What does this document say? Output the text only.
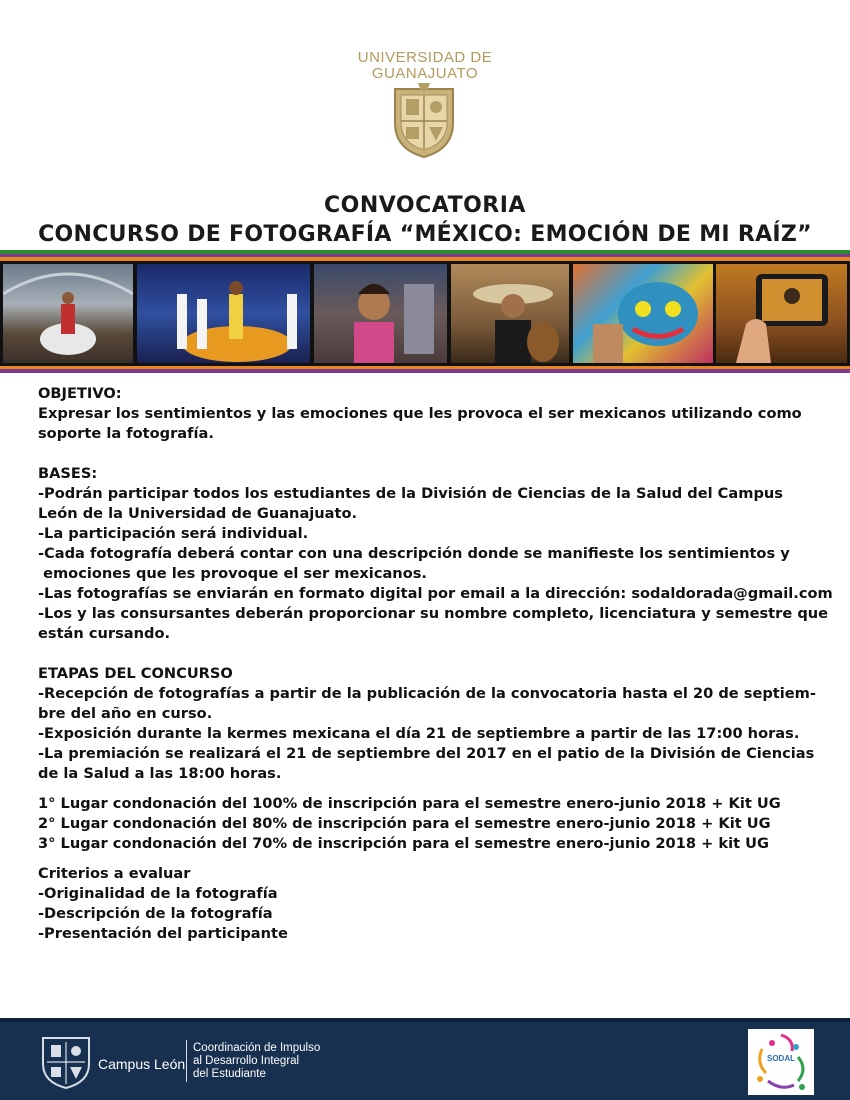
UNIVERSIDAD DE
GUANAJUATO
CONVOCATORIA
CONCURSO DE FOTOGRAFÍA “MÉXICO: EMOCIÓN DE MI RAÍZ”

OBJETIVO:

Expresar los sentimientos y las emociones que les provoca el ser mexicanos utilizando como

soporte la fotografía.

BASES:

-Podrán participar todos los estudiantes de la División de Ciencias de la Salud del Campus

León de la Universidad de Guanajuato.

-La participación será individual.

-Cada fotografía deberá contar con una descripción donde se manifieste los sentimientos y

emociones que les provoque el ser mexicanos.

-Las fotografías se enviarán en formato digital por email a la dirección: sodaldorada@gmail.com

-Los y las consursantes deberán proporcionar su nombre completo, licenciatura y semestre que

están cursando.

ETAPAS DEL CONCURSO

-Recepción de fotografías a partir de la publicación de la convocatoria hasta el 20 de septiem-

bre del año en curso.

-Exposición durante la kermes mexicana el día 21 de septiembre a partir de las 17:00 horas.

-La premiación se realizará el 21 de septiembre del 2017 en el patio de la División de Ciencias

de la Salud a las 18:00 horas.

1° Lugar condonación del 100% de inscripción para el semestre enero-junio 2018 + Kit UG

2° Lugar condonación del 80% de inscripción para el semestre enero-junio 2018 + Kit UG

3° Lugar condonación del 70% de inscripción para el semestre enero-junio 2018 + kit UG

Criterios a evaluar

-Originalidad de la fotografía

-Descripción de la fotografía

-Presentación del participante

Campus León
Coordinación de Impulso
al Desarrollo Integral
del Estudiante
SODAL
